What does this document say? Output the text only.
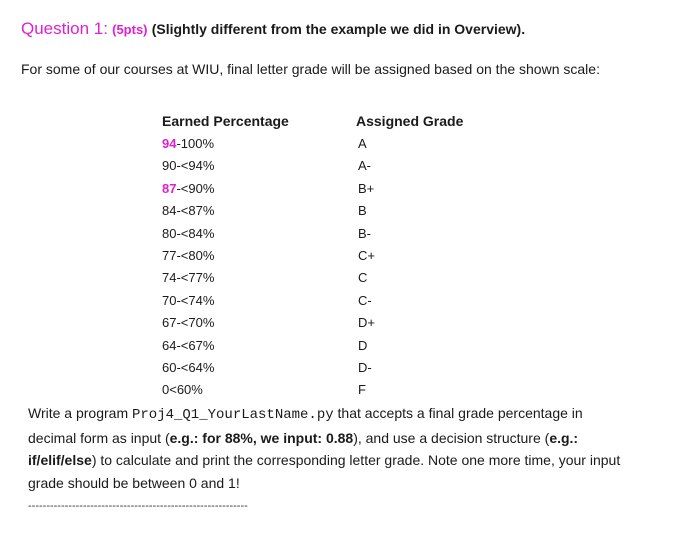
Question 1: (5pts) (Slightly different from the example we did in Overview).
For some of our courses at WIU, final letter grade will be assigned based on the shown scale:
Earned Percentage	Assigned Grade
94-100%	A
90-<94%	A-
87-<90%	B+
84-<87%	B
80-<84%	B-
77-<80%	C+
74-<77%	C
70-<74%	C-
67-<70%	D+
64-<67%	D
60-<64%	D-
0<60%	F
Write a program Proj4_Q1_YourLastName.py that accepts a final grade percentage in decimal form as input (e.g.: for 88%, we input: 0.88), and use a decision structure (e.g.: if/elif/else) to calculate and print the corresponding letter grade. Note one more time, your input grade should be between 0 and 1!
------------------------------------------------------------
